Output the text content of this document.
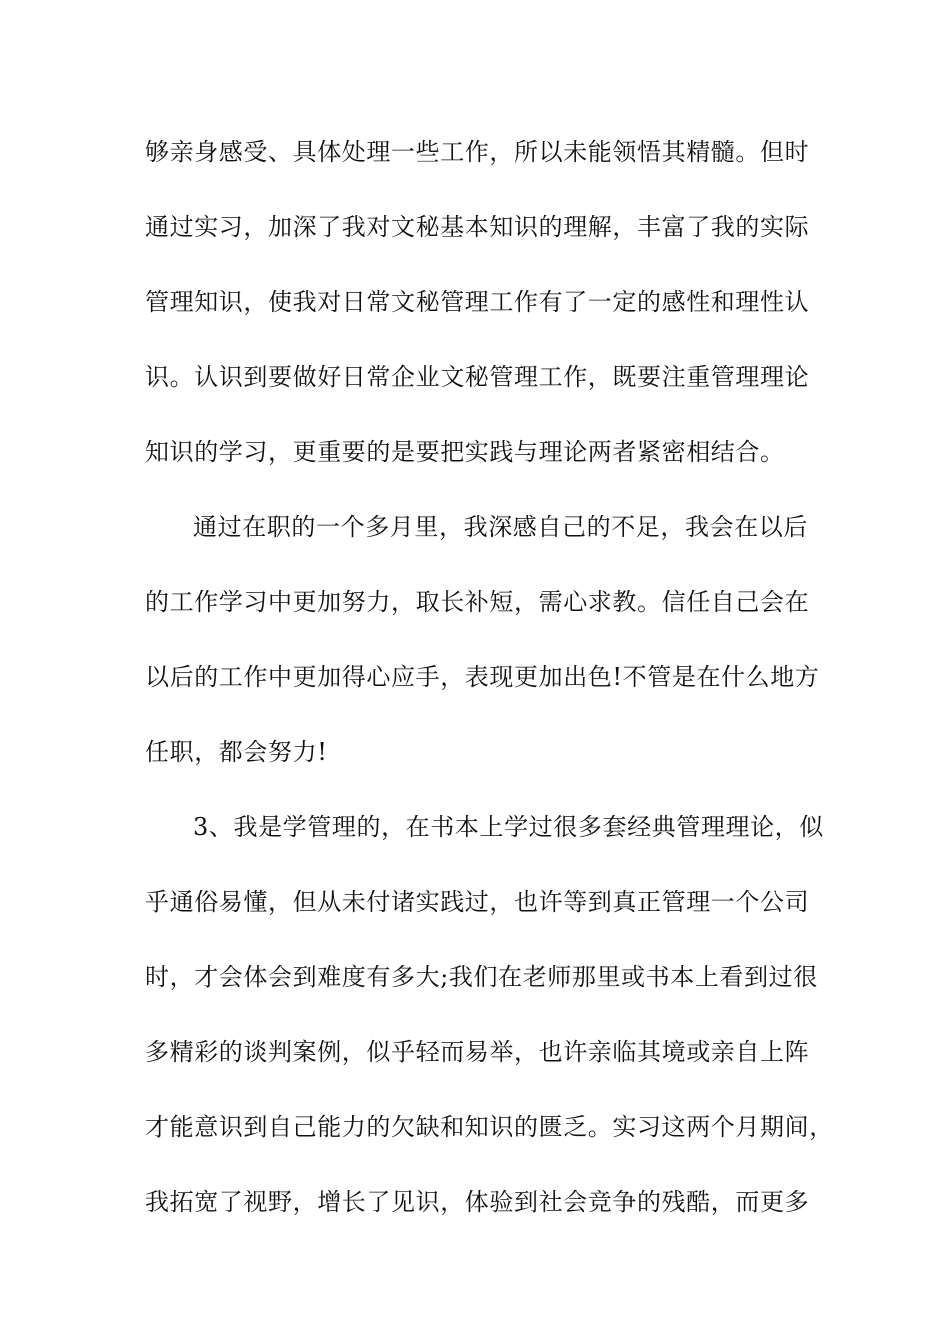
够亲身感受、具体处理一些工作，所以未能领悟其精髓。但时
通过实习，加深了我对文秘基本知识的理解，丰富了我的实际
管理知识，使我对日常文秘管理工作有了一定的感性和理性认
识。认识到要做好日常企业文秘管理工作，既要注重管理理论
知识的学习，更重要的是要把实践与理论两者紧密相结合。
通过在职的一个多月里，我深感自己的不足，我会在以后
的工作学习中更加努力，取长补短，需心求教。信任自己会在
以后的工作中更加得心应手，表现更加出色!不管是在什么地方
任职，都会努力!
3、我是学管理的，在书本上学过很多套经典管理理论，似
乎通俗易懂，但从未付诸实践过，也许等到真正管理一个公司
时，才会体会到难度有多大;我们在老师那里或书本上看到过很
多精彩的谈判案例，似乎轻而易举，也许亲临其境或亲自上阵
才能意识到自己能力的欠缺和知识的匮乏。实习这两个月期间，
我拓宽了视野，增长了见识，体验到社会竞争的残酷，而更多
